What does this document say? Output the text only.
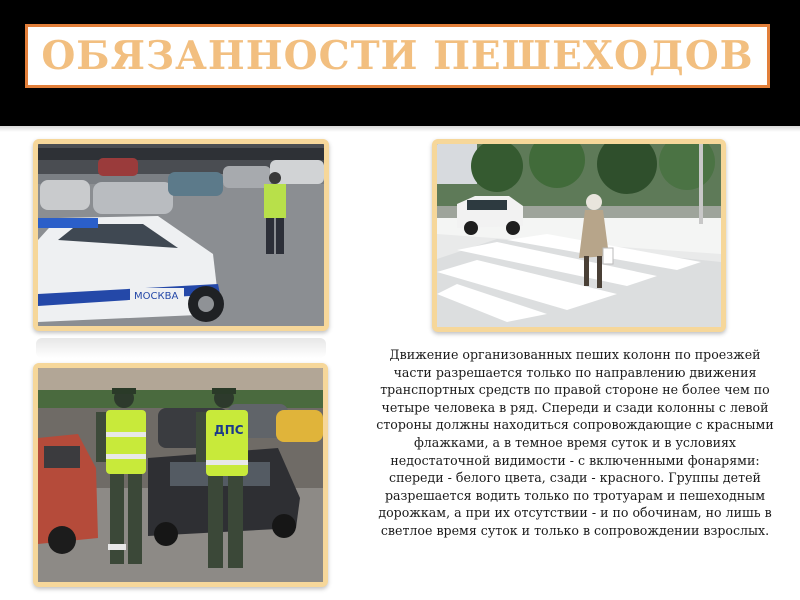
ОБЯЗАННОСТИ ПЕШЕХОДОВ
МОСКВА
ДПС

Движение организованных пеших колонн по проезжей части разрешается только по направлению движения транспортных средств по правой стороне не более чем по четыре человека в ряд. Спереди и сзади колонны с левой стороны должны находиться сопровождающие с красными флажками, а в темное время суток и в условиях недостаточной видимости - с включенными фонарями: спереди - белого цвета, сзади - красного. Группы детей разрешается водить только по тротуарам и пешеходным дорожкам, а при их отсутствии - и по обочинам, но лишь в светлое время суток и только в сопровождении взрослых.
